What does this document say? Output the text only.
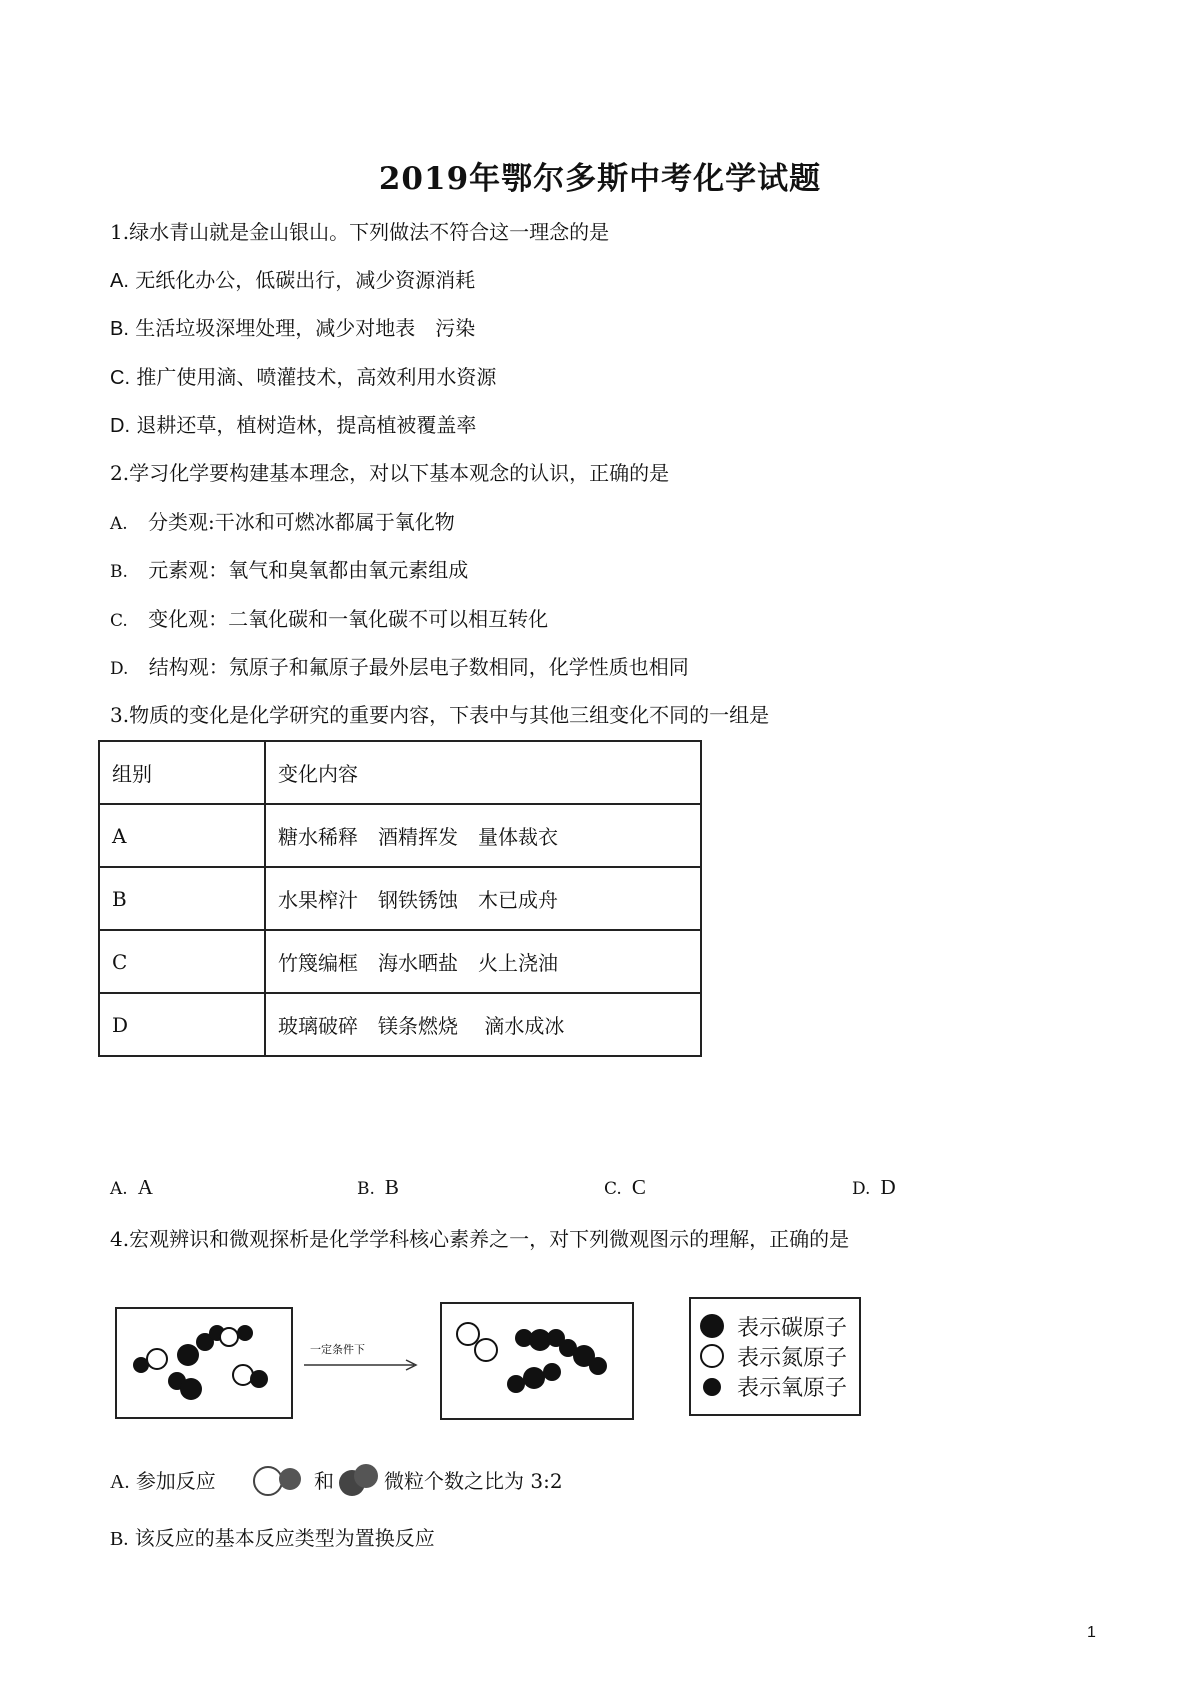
2019年鄂尔多斯中考化学试题
1.绿水青山就是金山银山。下列做法不符合这一理念的是
A. 无纸化办公，低碳出行，减少资源消耗
B. 生活垃圾深埋处理，减少对地表　污染
C. 推广使用滴、喷灌技术，高效利用水资源
D. 退耕还草，植树造林，提高植被覆盖率
2.学习化学要构建基本理念，对以下基本观念的认识，正确的是
A. 分类观:干冰和可燃冰都属于氧化物
B. 元素观：氧气和臭氧都由氧元素组成
C. 变化观：二氧化碳和一氧化碳不可以相互转化
D. 结构观：氖原子和氟原子最外层电子数相同，化学性质也相同
3.物质的变化是化学研究的重要内容，下表中与其他三组变化不同的一组是
组别	变化内容
A	糖水稀释　酒精挥发　量体裁衣
B	水果榨汁　钢铁锈蚀　木已成舟
C	竹篾编框　海水晒盐　火上浇油
D	玻璃破碎　镁条燃烧　 滴水成冰
A. A	B. B	C. C	D. D
4.宏观辨识和微观探析是化学学科核心素养之一，对下列微观图示的理解，正确的是
一定条件下
表示碳原子
表示氮原子
表示氧原子
A. 参加反应	和	微粒个数之比为 3:2
B. 该反应的基本反应类型为置换反应
1
